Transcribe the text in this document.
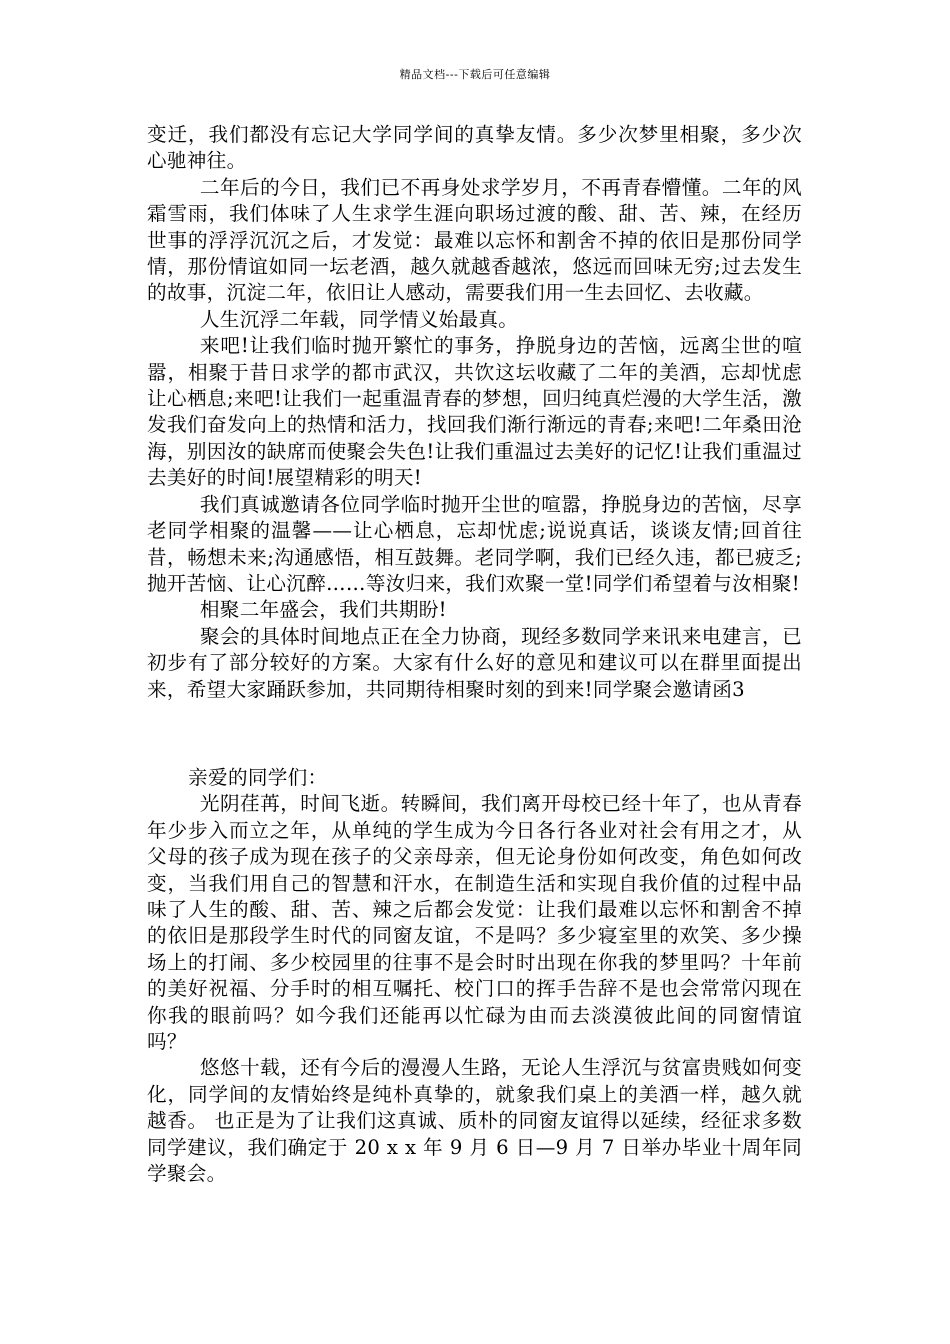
精品文档---下载后可任意编辑

变迁，我们都没有忘记大学同学间的真挚友情。多少次梦里相聚，多少次心驰神往。

二年后的今日，我们已不再身处求学岁月，不再青春懵懂。二年的风霜雪雨，我们体味了人生求学生涯向职场过渡的酸、甜、苦、辣，在经历世事的浮浮沉沉之后，才发觉：最难以忘怀和割舍不掉的依旧是那份同学情，那份情谊如同一坛老酒，越久就越香越浓，悠远而回味无穷;过去发生的故事，沉淀二年，依旧让人感动，需要我们用一生去回忆、去收藏。

人生沉浮二年载，同学情义始最真。

来吧!让我们临时抛开繁忙的事务，挣脱身边的苦恼，远离尘世的喧嚣，相聚于昔日求学的都市武汉，共饮这坛收藏了二年的美酒，忘却忧虑让心栖息;来吧!让我们一起重温青春的梦想，回归纯真烂漫的大学生活，激发我们奋发向上的热情和活力，找回我们渐行渐远的青春;来吧!二年桑田沧海，别因汝的缺席而使聚会失色!让我们重温过去美好的记忆!让我们重温过去美好的时间!展望精彩的明天!

我们真诚邀请各位同学临时抛开尘世的喧嚣，挣脱身边的苦恼，尽享老同学相聚的温馨——让心栖息，忘却忧虑;说说真话，谈谈友情;回首往昔，畅想未来;沟通感悟，相互鼓舞。老同学啊，我们已经久违，都已疲乏;抛开苦恼、让心沉醉……等汝归来，我们欢聚一堂!同学们希望着与汝相聚!

相聚二年盛会，我们共期盼!

聚会的具体时间地点正在全力协商，现经多数同学来讯来电建言，已初步有了部分较好的方案。大家有什么好的意见和建议可以在群里面提出来，希望大家踊跃参加，共同期待相聚时刻的到来!同学聚会邀请函3

亲爱的同学们：

光阴荏苒，时间飞逝。转瞬间，我们离开母校已经十年了，也从青春年少步入而立之年，从单纯的学生成为今日各行各业对社会有用之才，从父母的孩子成为现在孩子的父亲母亲，但无论身份如何改变，角色如何改变，当我们用自己的智慧和汗水，在制造生活和实现自我价值的过程中品味了人生的酸、甜、苦、辣之后都会发觉：让我们最难以忘怀和割舍不掉的依旧是那段学生时代的同窗友谊，不是吗？多少寝室里的欢笑、多少操场上的打闹、多少校园里的往事不是会时时出现在你我的梦里吗？十年前的美好祝福、分手时的相互嘱托、校门口的挥手告辞不是也会常常闪现在你我的眼前吗？如今我们还能再以忙碌为由而去淡漠彼此间的同窗情谊吗？

悠悠十载，还有今后的漫漫人生路，无论人生浮沉与贫富贵贱如何变化，同学间的友情始终是纯朴真挚的，就象我们桌上的美酒一样，越久就越香。 也正是为了让我们这真诚、质朴的同窗友谊得以延续，经征求多数同学建议，我们确定于 20 x x 年 9 月 6 日—9 月 7 日举办毕业十周年同学聚会。
